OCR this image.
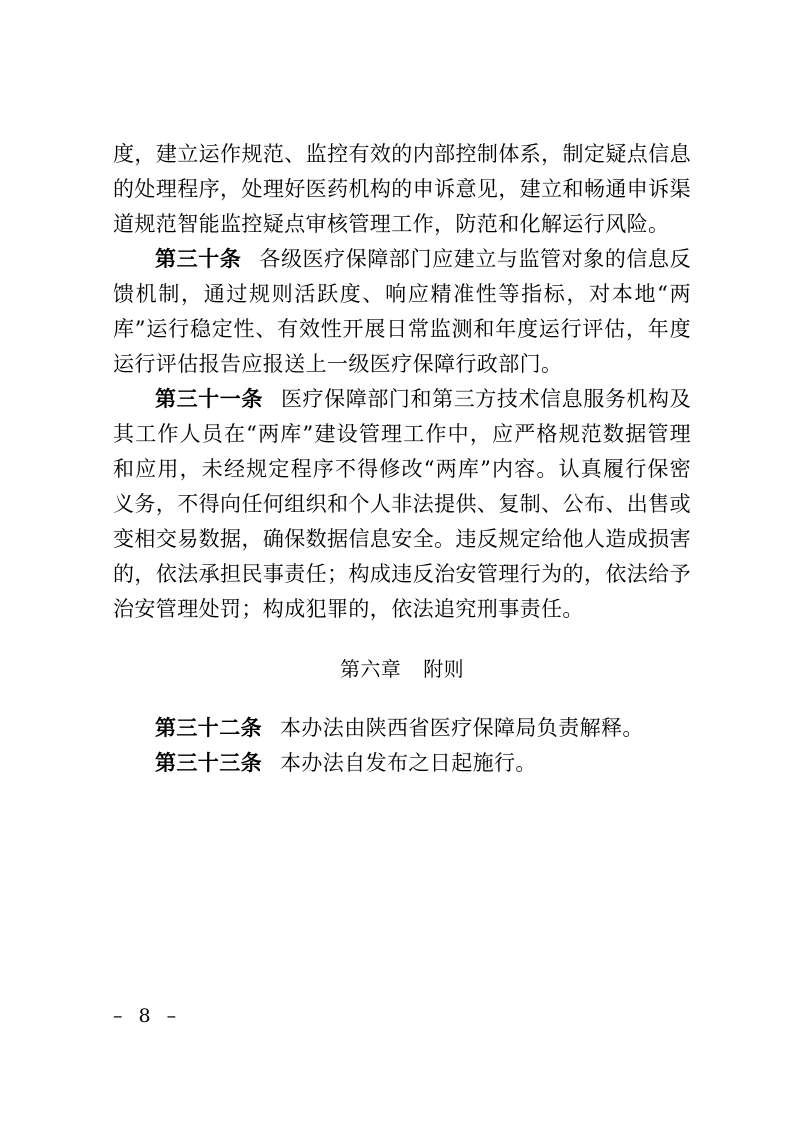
度，建立运作规范、监控有效的内部控制体系，制定疑点信息的处理程序，处理好医药机构的申诉意见，建立和畅通申诉渠道规范智能监控疑点审核管理工作，防范和化解运行风险。

第三十条 各级医疗保障部门应建立与监管对象的信息反馈机制，通过规则活跃度、响应精准性等指标，对本地“两库”运行稳定性、有效性开展日常监测和年度运行评估，年度运行评估报告应报送上一级医疗保障行政部门。

第三十一条 医疗保障部门和第三方技术信息服务机构及其工作人员在“两库”建设管理工作中，应严格规范数据管理和应用，未经规定程序不得修改“两库”内容。认真履行保密义务，不得向任何组织和个人非法提供、复制、公布、出售或变相交易数据，确保数据信息安全。违反规定给他人造成损害的，依法承担民事责任；构成违反治安管理行为的，依法给予治安管理处罚；构成犯罪的，依法追究刑事责任。

第六章 附则

第三十二条 本办法由陕西省医疗保障局负责解释。

第三十三条 本办法自发布之日起施行。

– 8 –
